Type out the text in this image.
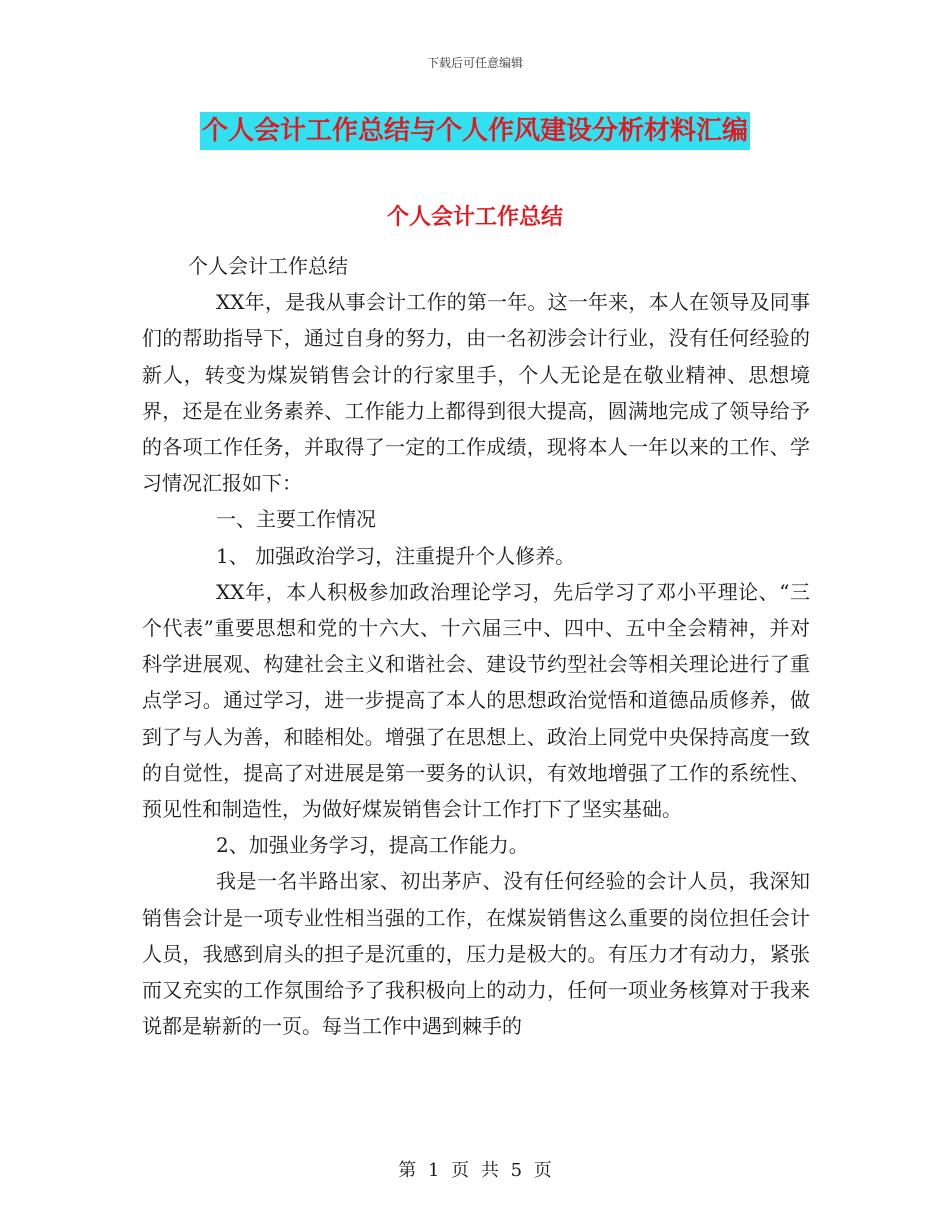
下载后可任意编辑
个人会计工作总结与个人作风建设分析材料汇编
个人会计工作总结

个人会计工作总结

XX年，是我从事会计工作的第一年。这一年来，本人在领导及同事们的帮助指导下，通过自身的努力，由一名初涉会计行业，没有任何经验的新人，转变为煤炭销售会计的行家里手，个人无论是在敬业精神、思想境界，还是在业务素养、工作能力上都得到很大提高，圆满地完成了领导给予的各项工作任务，并取得了一定的工作成绩，现将本人一年以来的工作、学习情况汇报如下：

一、主要工作情况

1、 加强政治学习，注重提升个人修养。

XX年，本人积极参加政治理论学习，先后学习了邓小平理论、“三个代表”重要思想和党的十六大、十六届三中、四中、五中全会精神，并对科学进展观、构建社会主义和谐社会、建设节约型社会等相关理论进行了重点学习。通过学习，进一步提高了本人的思想政治觉悟和道德品质修养，做到了与人为善，和睦相处。增强了在思想上、政治上同党中央保持高度一致的自觉性，提高了对进展是第一要务的认识，有效地增强了工作的系统性、预见性和制造性，为做好煤炭销售会计工作打下了坚实基础。

2、加强业务学习，提高工作能力。

我是一名半路出家、初出茅庐、没有任何经验的会计人员，我深知销售会计是一项专业性相当强的工作，在煤炭销售这么重要的岗位担任会计人员，我感到肩头的担子是沉重的，压力是极大的。有压力才有动力，紧张而又充实的工作氛围给予了我积极向上的动力，任何一项业务核算对于我来说都是崭新的一页。每当工作中遇到棘手的

第 1 页 共 5 页
